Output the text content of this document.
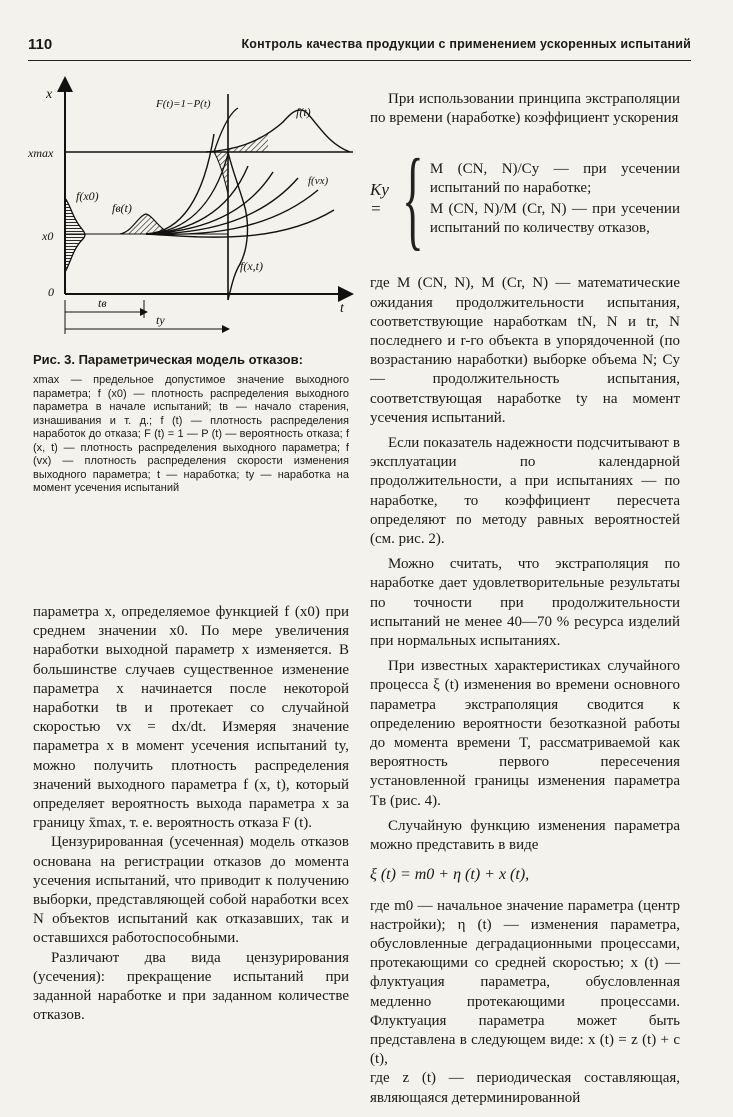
110	Контроль качества продукции с применением ускоренных испытаний
x
t
xmax
x0
0
f(x0)
fв(t)
F(t)=1−P(t)
f(t)
f(vx)
f(x,t)
tв
ty

Рис. 3. Параметрическая модель отказов:

xmax — предельное допустимое значение выходного параметра; f (x0) — плотность распределения выходного параметра в начале испытаний; tв — начало старения, изнашивания и т. д.; f (t) — плотность распределения наработок до отказа; F (t) = 1 — P (t) — вероятность отказа; f (x, t) — плотность распределения выходного параметра; f (vx) — плотность распределения скорости изменения выходного параметра; t — наработка; ty — наработка на момент усечения испытаний

параметра x, определяемое функцией f (x0) при среднем значении x0. По мере увеличения наработки выходной параметр x изменяется. В большинстве случаев существенное изменение параметра x начинается после некоторой наработки tв и протекает со случайной скоростью vx = dx/dt. Измеряя значение параметра x в момент усечения испытаний ty, можно получить плотность распределения значений выходного параметра f (x, t), который определяет вероятность выхода параметра x за границу x̄max, т. е. вероятность отказа F (t).

Цензурированная (усеченная) модель отказов основана на регистрации отказов до момента усечения испытаний, что приводит к получению выборки, представляющей собой наработки всех N объектов испытаний как отказавших, так и оставшихся работоспособными.

Различают два вида цензурирования (усечения): прекращение испытаний при заданной наработке и при заданном количестве отказов.

При использовании принципа экстраполяции по времени (наработке) коэффициент ускорения

Kу = { M (CN, N)/Cy — при усечении испытаний по наработке;
M (CN, N)/M (Cr, N) — при усечении испытаний по количеству отказов,

где M (CN, N), M (Cr, N) — математические ожидания продолжительности испытания, соответствующие наработкам tN, N и tr, N последнего и r-го объекта в упорядоченной (по возрастанию наработки) выборке объема N; Cy — продолжительность испытания, соответствующая наработке ty на момент усечения испытаний.

Если показатель надежности подсчитывают в эксплуатации по календарной продолжительности, а при испытаниях — по наработке, то коэффициент пересчета определяют по методу равных вероятностей (см. рис. 2).

Можно считать, что экстраполяция по наработке дает удовлетворительные результаты по точности при продолжительности испытаний не менее 40—70 % ресурса изделий при нормальных испытаниях.

При известных характеристиках случайного процесса ξ (t) изменения во времени основного параметра экстраполяция сводится к определению вероятности безотказной работы до момента времени T, рассматриваемой как вероятность первого пересечения установленной границы изменения параметра Tв (рис. 4).

Случайную функцию изменения параметра можно представить в виде

ξ (t) = m0 + η (t) + x (t),

где m0 — начальное значение параметра (центр настройки); η (t) — изменения параметра, обусловленные деградационными процессами, протекающими со средней скоростью; x (t) — флуктуация параметра, обусловленная медленно протекающими процессами. Флуктуация параметра может быть представлена в следующем виде: x (t) = z (t) + c (t),

где z (t) — периодическая составляющая, являющаяся детерминированной
